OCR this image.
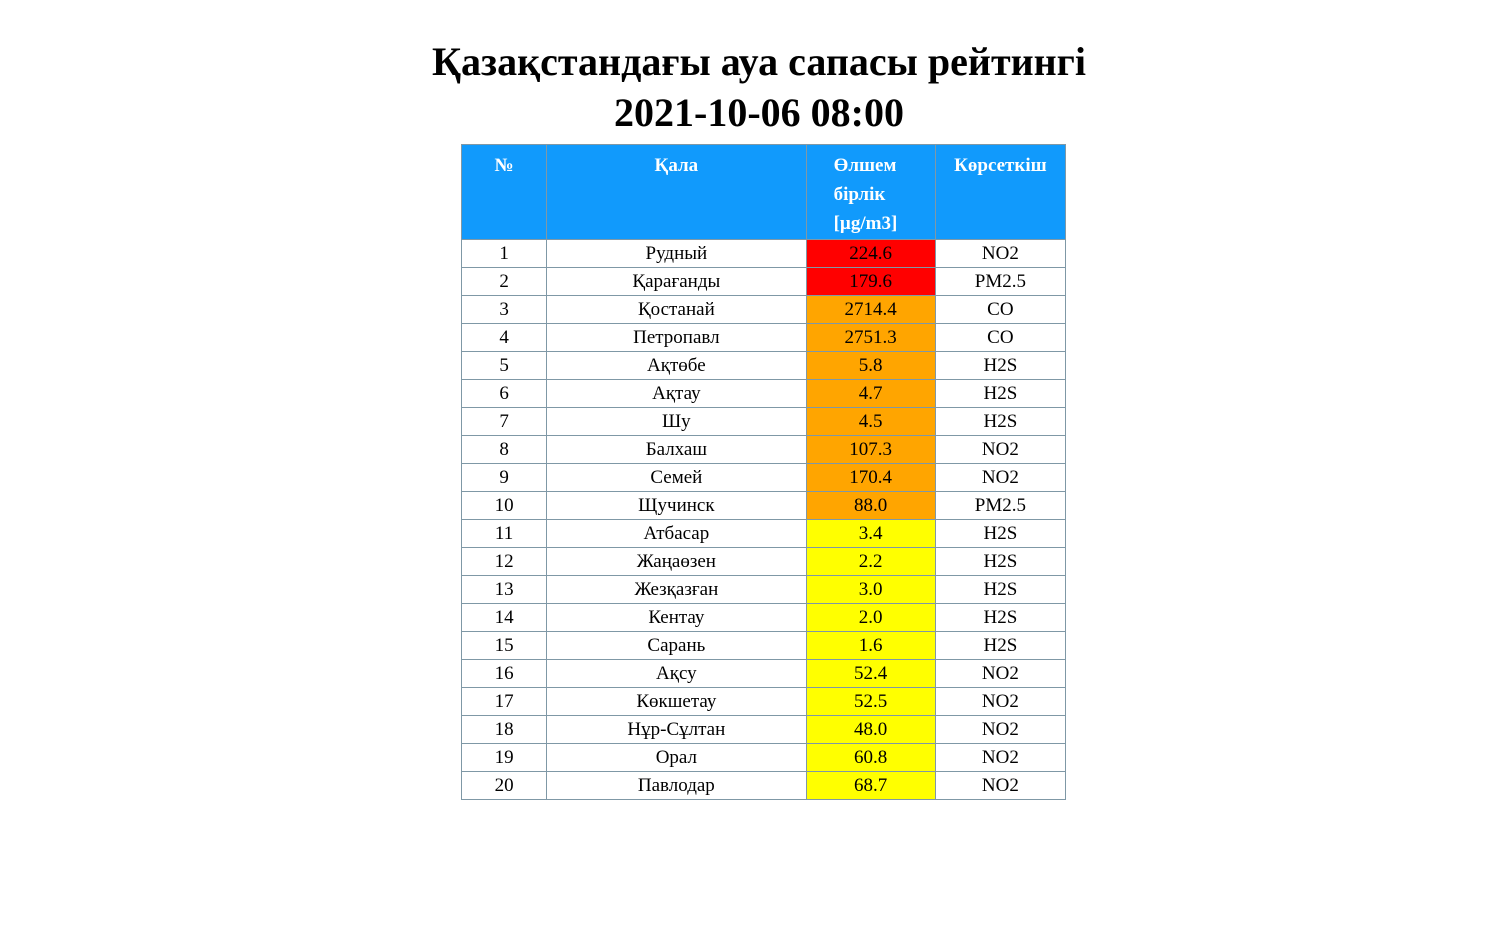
Қазақстандағы ауа сапасы рейтингі
2021-10-06 08:00
№	Қала	Өлшем
бірлік
[µg/m3]	Көрсеткіш
1	Рудный	224.6	NO2
2	Қарағанды	179.6	PM2.5
3	Қостанай	2714.4	CO
4	Петропавл	2751.3	CO
5	Ақтөбе	5.8	H2S
6	Ақтау	4.7	H2S
7	Шу	4.5	H2S
8	Балхаш	107.3	NO2
9	Семей	170.4	NO2
10	Щучинск	88.0	PM2.5
11	Атбасар	3.4	H2S
12	Жаңаөзен	2.2	H2S
13	Жезқазған	3.0	H2S
14	Кентау	2.0	H2S
15	Сарань	1.6	H2S
16	Ақсу	52.4	NO2
17	Көкшетау	52.5	NO2
18	Нұр-Сұлтан	48.0	NO2
19	Орал	60.8	NO2
20	Павлодар	68.7	NO2
